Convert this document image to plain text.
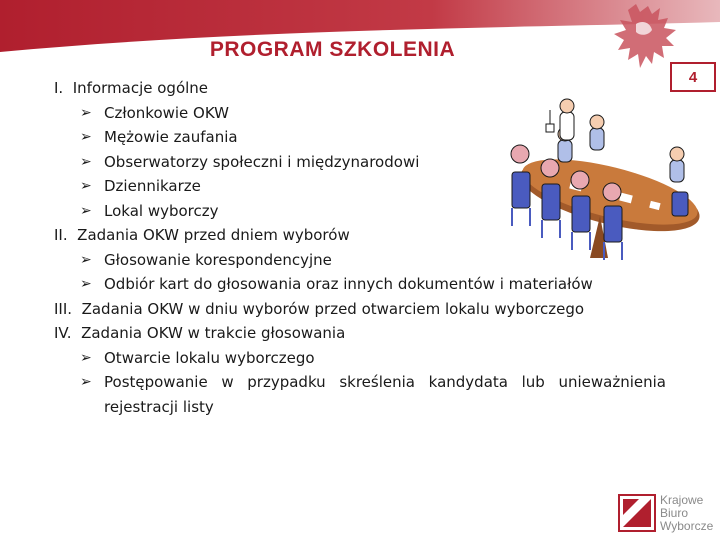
PROGRAM SZKOLENIA
4

I. Informacje ogólne

➢ Członkowie OKW
➢ Mężowie zaufania
➢ Obserwatorzy społeczni i międzynarodowi
➢ Dziennikarze
➢ Lokal wyborczy

II. Zadania OKW przed dniem wyborów

➢ Głosowanie korespondencyjne
➢ Odbiór kart do głosowania oraz innych dokumentów i materiałów

III. Zadania OKW w dniu wyborów przed otwarciem lokalu wyborczego

IV. Zadania OKW w trakcie głosowania

➢ Otwarcie lokalu wyborczego
➢ Postępowanie w przypadku skreślenia kandydata lub unieważnienia rejestracji listy
Krajowe
Biuro
Wyborcze
